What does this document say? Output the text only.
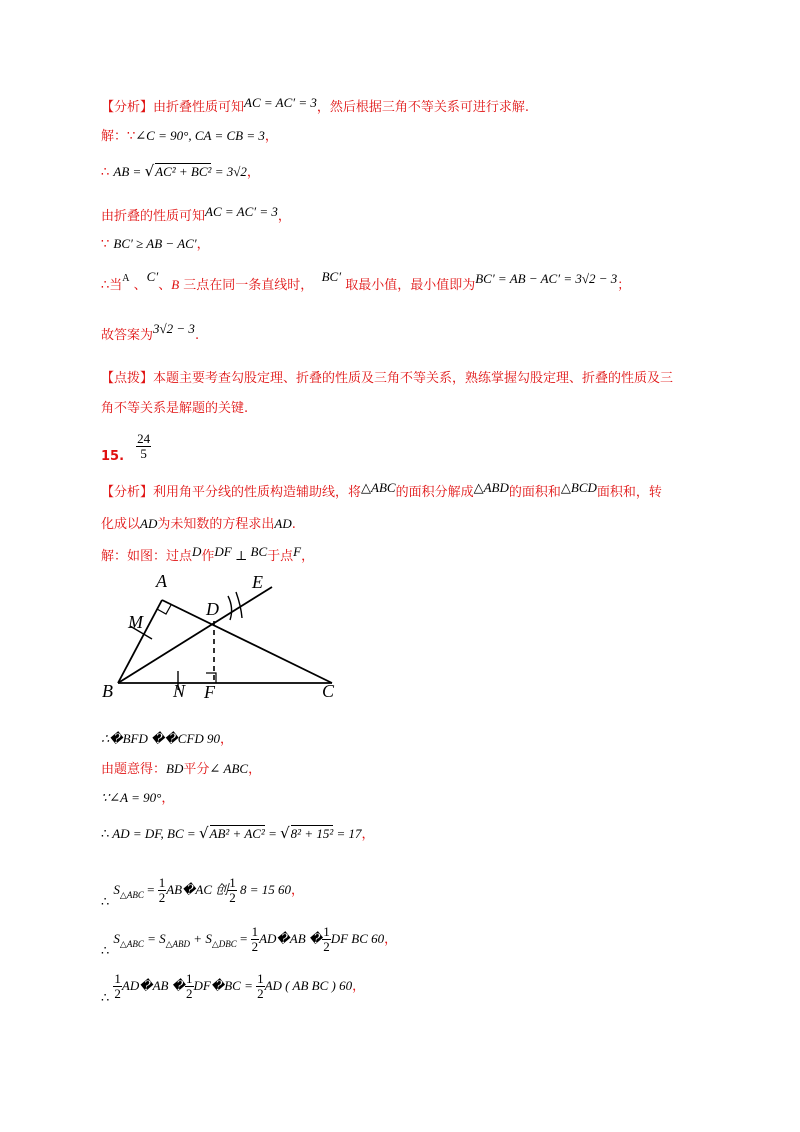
【分析】由折叠性质可知AC = AC′ = 3，然后根据三角不等关系可进行求解.
解：∵∠C = 90°, CA = CB = 3，
∴ AB = √AC² + BC² = 3√2，
由折叠的性质可知AC = AC′ = 3，
∵ BC′ ≥ AB − AC′，
∴当$^A$ 、C′、B 三点在同一条直线时，  BC′ 取最小值，最小值即为BC′ = AB − AC′ = 3√2 − 3；
故答案为3√2 − 3.
【点拨】本题主要考查勾股定理、折叠的性质及三角不等关系，熟练掌握勾股定理、折叠的性质及三
角不等关系是解题的关键.
15. $\frac{24}{5}$
【分析】利用角平分线的性质构造辅助线，将△ABC的面积分解成△ABD的面积和△BCD面积和，转
化成以AD为未知数的方程求出AD.
解：如图：过点D作DF ⊥ BC于点F，
A
B	C
D
E
F
M
N
∴�BFD ��CFD 90，
由题意得：BD平分∠ ABC，
∵∠A = 90°，
∴ AD = DF, BC = √AB² + AC² = √8² + 15² = 17，
∴ $S_{\triangle ABC} = \frac{1}{2}$ AB�AC 创 $\frac{1}{2} 8 = 15$ 60，
∴ $S_{\triangle ABC} = S_{\triangle ABD} + S_{\triangle DBC} = \frac{1}{2}$ AD�AB � $\frac{1}{2}$ DF BC 60，
∴ $\frac{1}{2}$ AD�AB � $\frac{1}{2}$ DF�BC = $\frac{1}{2}$ AD ( AB BC ) 60，
